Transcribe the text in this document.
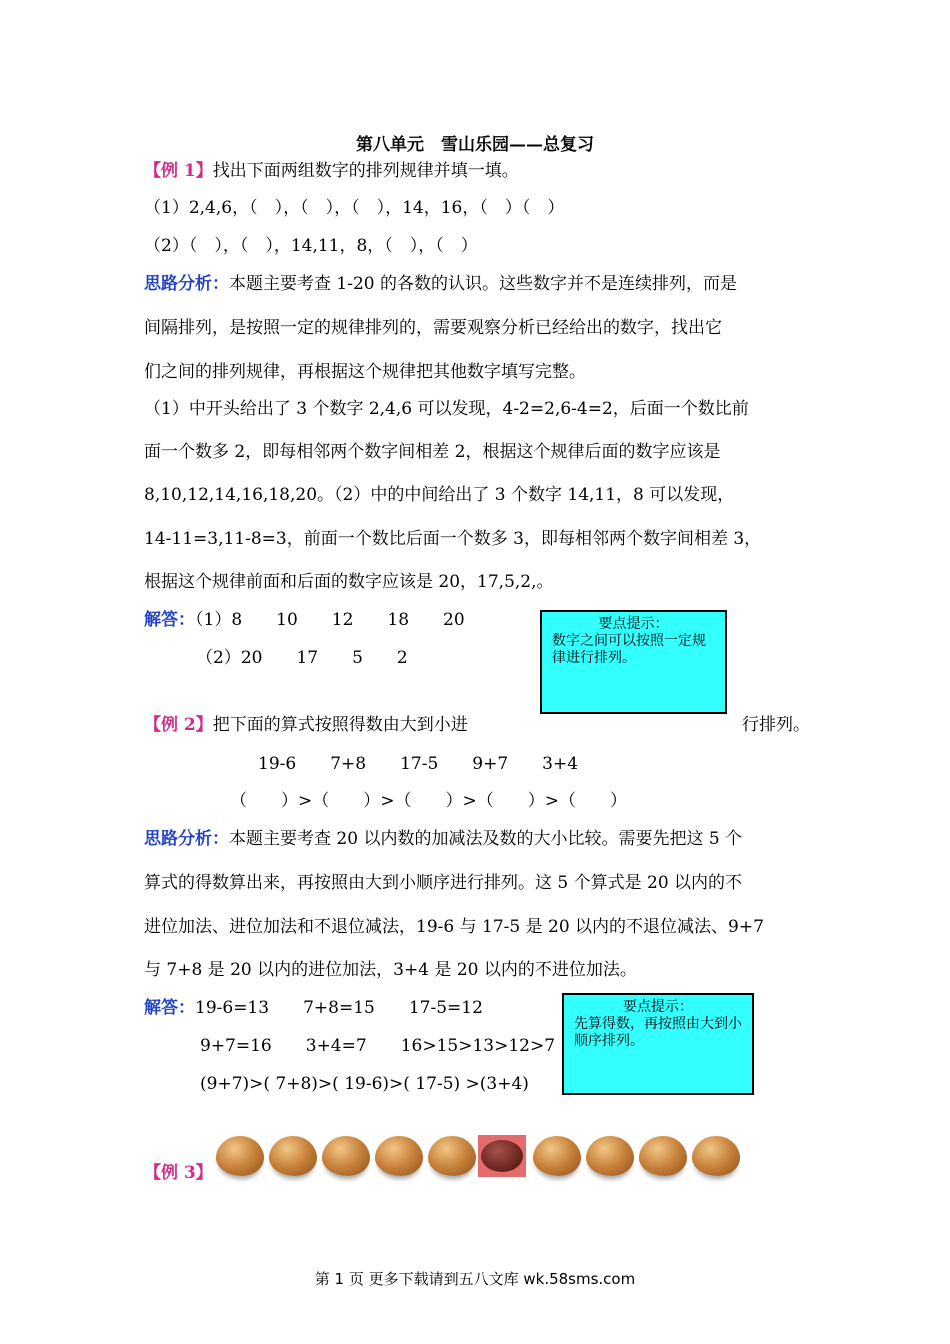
第八单元　雪山乐园——总复习
【例 1】找出下面两组数字的排列规律并填一填。
（1）2,4,6，（　），（　），（　），14，16，（　）（　）
（2）（　），（　），14,11，8，（　），（　）
思路分析：本题主要考查 1-20 的各数的认识。这些数字并不是连续排列，而是
间隔排列，是按照一定的规律排列的，需要观察分析已经给出的数字，找出它
们之间的排列规律，再根据这个规律把其他数字填写完整。
（1）中开头给出了 3 个数字 2,4,6 可以发现，4-2=2,6-4=2，后面一个数比前
面一个数多 2，即每相邻两个数字间相差 2，根据这个规律后面的数字应该是
8,10,12,14,16,18,20。（2）中的中间给出了 3 个数字 14,11，8 可以发现，
14-11=3,11-8=3，前面一个数比后面一个数多 3，即每相邻两个数字间相差 3，
根据这个规律前面和后面的数字应该是 20，17,5,2,。
解答：（1）8　　10　　12　　18　　20
（2）20　　17　　5　　2
要点提示：
数字之间可以按照一定规律进行排列。
【例 2】把下面的算式按照得数由大到小进	行排列。
19-6　　7+8　　17-5　　9+7　　3+4
（　　）>（　　）>（　　）>（　　）>（　　）
思路分析：本题主要考查 20 以内数的加减法及数的大小比较。需要先把这 5 个
算式的得数算出来，再按照由大到小顺序进行排列。这 5 个算式是 20 以内的不
进位加法、进位加法和不退位减法，19-6 与 17-5 是 20 以内的不退位减法、9+7
与 7+8 是 20 以内的进位加法，3+4 是 20 以内的不进位加法。
解答：19-6=13　　7+8=15　　17-5=12
9+7=16　　3+4=7　　16>15>13>12>7
(9+7)>( 7+8)>( 19-6)>( 17-5) >(3+4)
要点提示：
先算得数，再按照由大到小顺序排列。
【例 3】
第 1 页 更多下载请到五八文库 wk.58sms.com
